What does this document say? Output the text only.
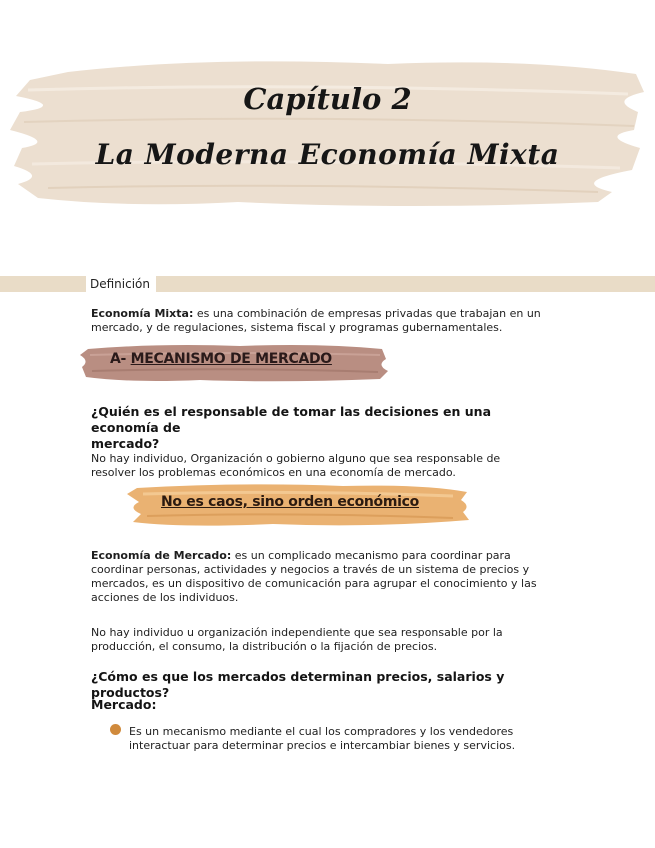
Capítulo 2
La Moderna Economía Mixta
Definición
Economía Mixta: es una combinación de empresas privadas que trabajan en un
mercado, y de regulaciones, sistema fiscal y programas gubernamentales.
A- MECANISMO DE MERCADO
¿Quién es el responsable de tomar las decisiones en una economía de
mercado?
No hay individuo, Organización o gobierno alguno que sea responsable de
resolver los problemas económicos en una economía de mercado.
No es caos, sino orden económico
Economía de Mercado: es un complicado mecanismo para coordinar para
coordinar personas, actividades y negocios a través de un sistema de precios y
mercados, es un dispositivo de comunicación para agrupar el conocimiento y las
acciones de los individuos.
No hay individuo u organización independiente que sea responsable por la
producción, el consumo, la distribución o la fijación de precios.
¿Cómo es que los mercados determinan precios, salarios y productos?
Mercado:
Es un mecanismo mediante el cual los compradores y los vendedores
interactuar para determinar precios e intercambiar bienes y servicios.
